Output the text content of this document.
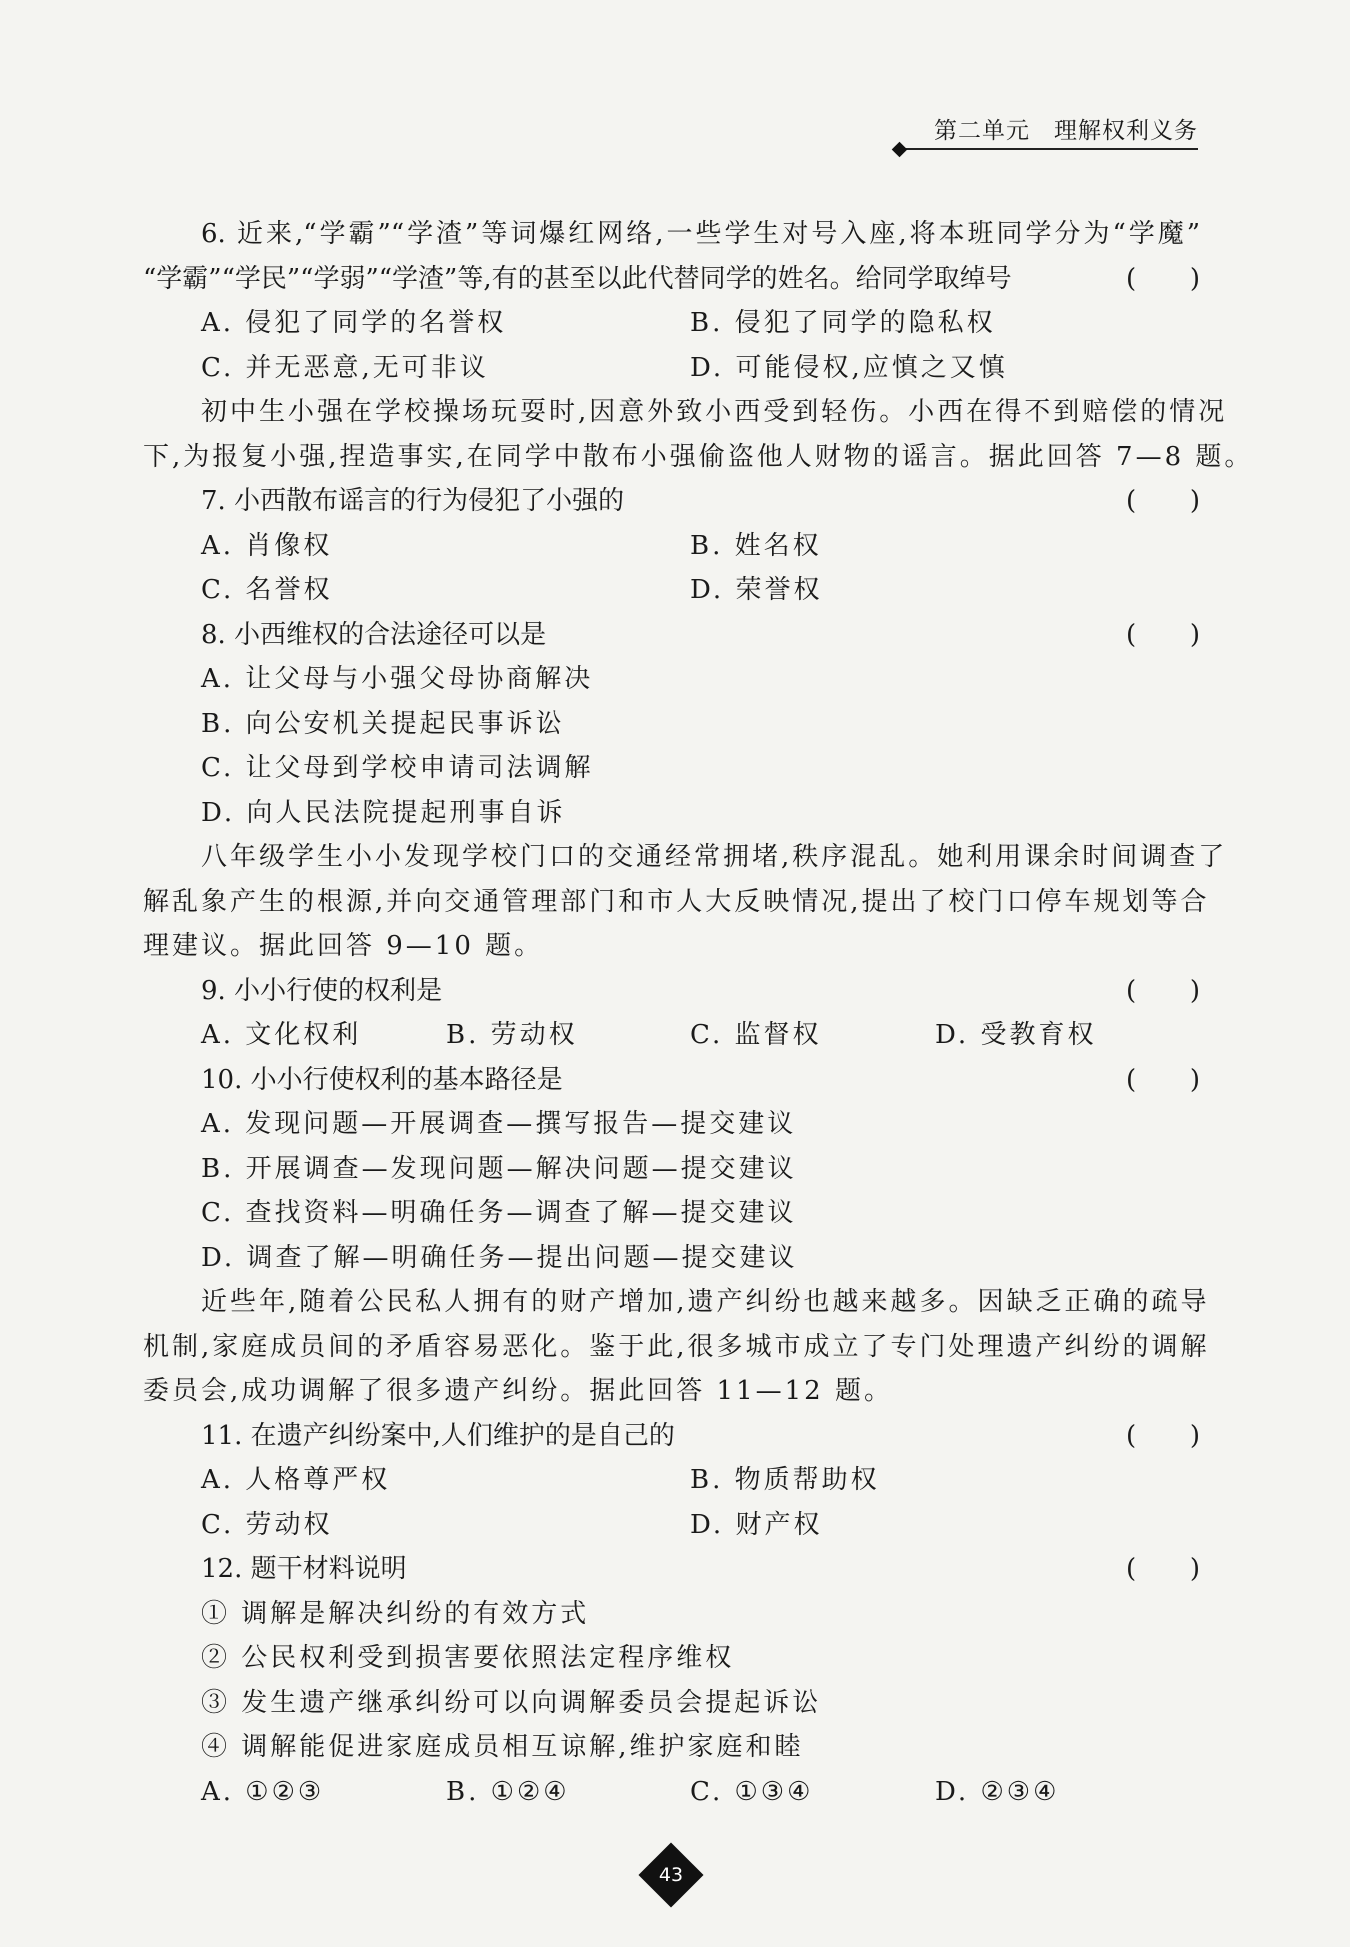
第二单元　理解权利义务
6. 近来,“学霸”“学渣”等词爆红网络,一些学生对号入座,将本班同学分为“学魔”
“学霸”“学民”“学弱”“学渣”等,有的甚至以此代替同学的姓名。给同学取绰号	(　　)
A. 侵犯了同学的名誉权	B. 侵犯了同学的隐私权
C. 并无恶意,无可非议	D. 可能侵权,应慎之又慎
初中生小强在学校操场玩耍时,因意外致小西受到轻伤。小西在得不到赔偿的情况
下,为报复小强,捏造事实,在同学中散布小强偷盗他人财物的谣言。据此回答 7—8 题。
7. 小西散布谣言的行为侵犯了小强的	(　　)
A. 肖像权	B. 姓名权
C. 名誉权	D. 荣誉权
8. 小西维权的合法途径可以是	(　　)
A. 让父母与小强父母协商解决
B. 向公安机关提起民事诉讼
C. 让父母到学校申请司法调解
D. 向人民法院提起刑事自诉
八年级学生小小发现学校门口的交通经常拥堵,秩序混乱。她利用课余时间调查了
解乱象产生的根源,并向交通管理部门和市人大反映情况,提出了校门口停车规划等合
理建议。据此回答 9—10 题。
9. 小小行使的权利是	(　　)
A. 文化权利	B. 劳动权	C. 监督权	D. 受教育权
10. 小小行使权利的基本路径是	(　　)
A. 发现问题—开展调查—撰写报告—提交建议
B. 开展调查—发现问题—解决问题—提交建议
C. 查找资料—明确任务—调查了解—提交建议
D. 调查了解—明确任务—提出问题—提交建议
近些年,随着公民私人拥有的财产增加,遗产纠纷也越来越多。因缺乏正确的疏导
机制,家庭成员间的矛盾容易恶化。鉴于此,很多城市成立了专门处理遗产纠纷的调解
委员会,成功调解了很多遗产纠纷。据此回答 11—12 题。
11. 在遗产纠纷案中,人们维护的是自己的	(　　)
A. 人格尊严权	B. 物质帮助权
C. 劳动权	D. 财产权
12. 题干材料说明	(　　)
① 调解是解决纠纷的有效方式
② 公民权利受到损害要依照法定程序维权
③ 发生遗产继承纠纷可以向调解委员会提起诉讼
④ 调解能促进家庭成员相互谅解,维护家庭和睦
A. ①②③	B. ①②④	C. ①③④	D. ②③④
43
